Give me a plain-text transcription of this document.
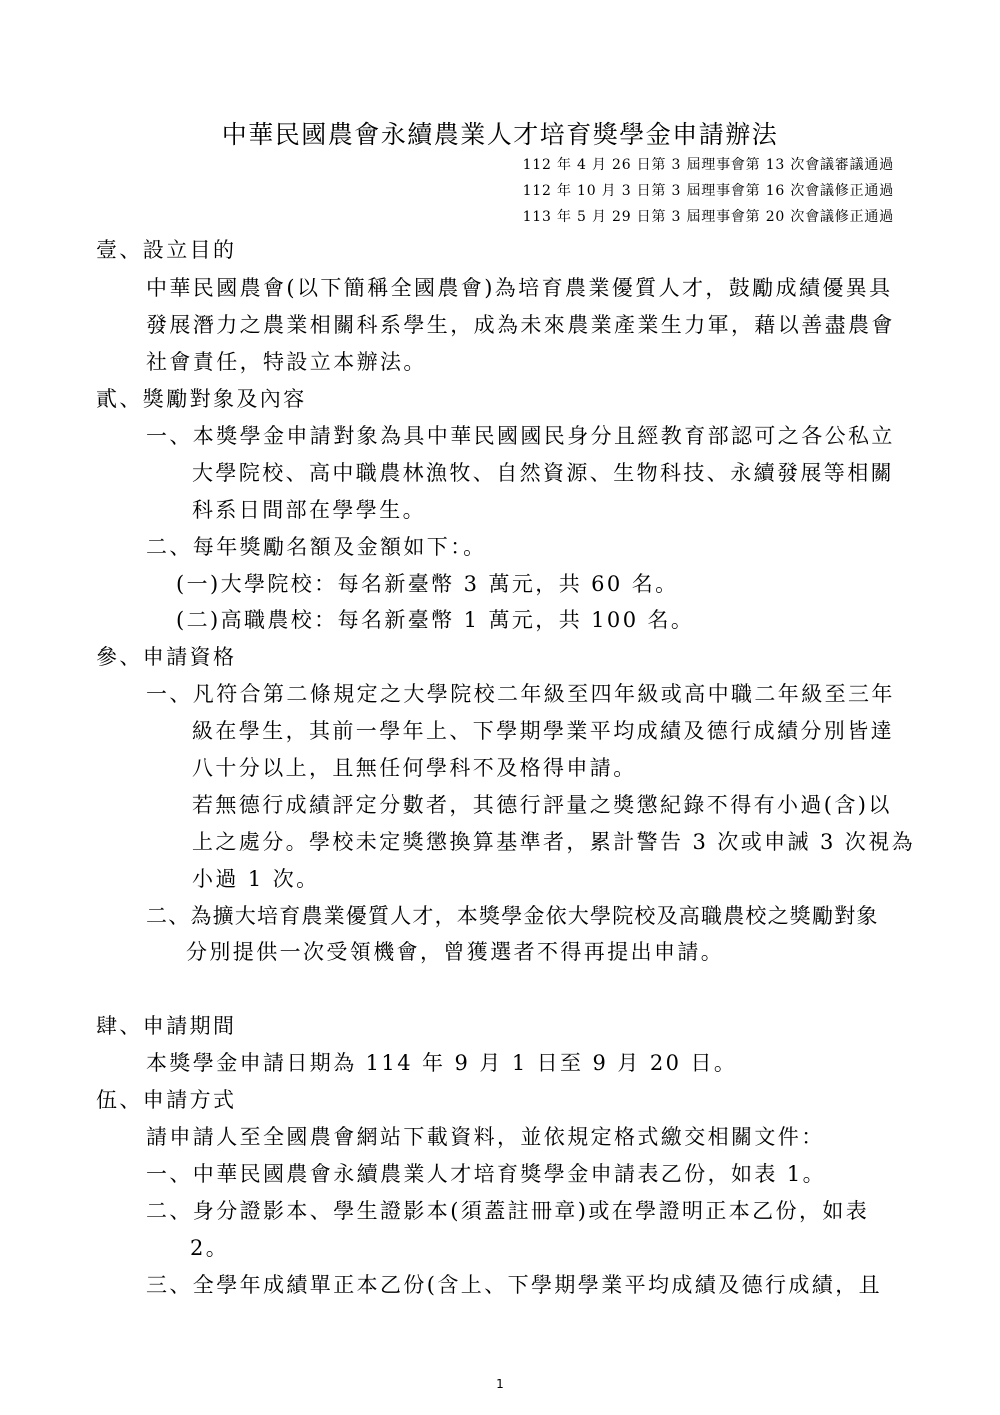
中華民國農會永續農業人才培育獎學金申請辦法
112 年 4 月 26 日第 3 屆理事會第 13 次會議審議通過
112 年 10 月 3 日第 3 屆理事會第 16 次會議修正通過
113 年 5 月 29 日第 3 屆理事會第 20 次會議修正通過
壹、設立目的
中華民國農會(以下簡稱全國農會)為培育農業優質人才，鼓勵成績優異具
發展潛力之農業相關科系學生，成為未來農業產業生力軍，藉以善盡農會
社會責任，特設立本辦法。
貳、獎勵對象及內容
一、本獎學金申請對象為具中華民國國民身分且經教育部認可之各公私立
大學院校、高中職農林漁牧、自然資源、生物科技、永續發展等相關
科系日間部在學學生。
二、每年獎勵名額及金額如下：。
(一)大學院校：每名新臺幣 3 萬元，共 60 名。
(二)高職農校：每名新臺幣 1 萬元，共 100 名。
參、申請資格
一、凡符合第二條規定之大學院校二年級至四年級或高中職二年級至三年
級在學生，其前一學年上、下學期學業平均成績及德行成績分別皆達
八十分以上，且無任何學科不及格得申請。
若無德行成績評定分數者，其德行評量之獎懲紀錄不得有小過(含)以
上之處分。學校未定獎懲換算基準者，累計警告 3 次或申誡 3 次視為
小過 1 次。
二、為擴大培育農業優質人才，本獎學金依大學院校及高職農校之獎勵對象
分別提供一次受領機會，曾獲選者不得再提出申請。
肆、申請期間
本獎學金申請日期為 114 年 9 月 1 日至 9 月 20 日。
伍、申請方式
請申請人至全國農會網站下載資料，並依規定格式繳交相關文件：
一、中華民國農會永續農業人才培育獎學金申請表乙份，如表 1。
二、身分證影本、學生證影本(須蓋註冊章)或在學證明正本乙份，如表
2。
三、全學年成績單正本乙份(含上、下學期學業平均成績及德行成績，且
1
